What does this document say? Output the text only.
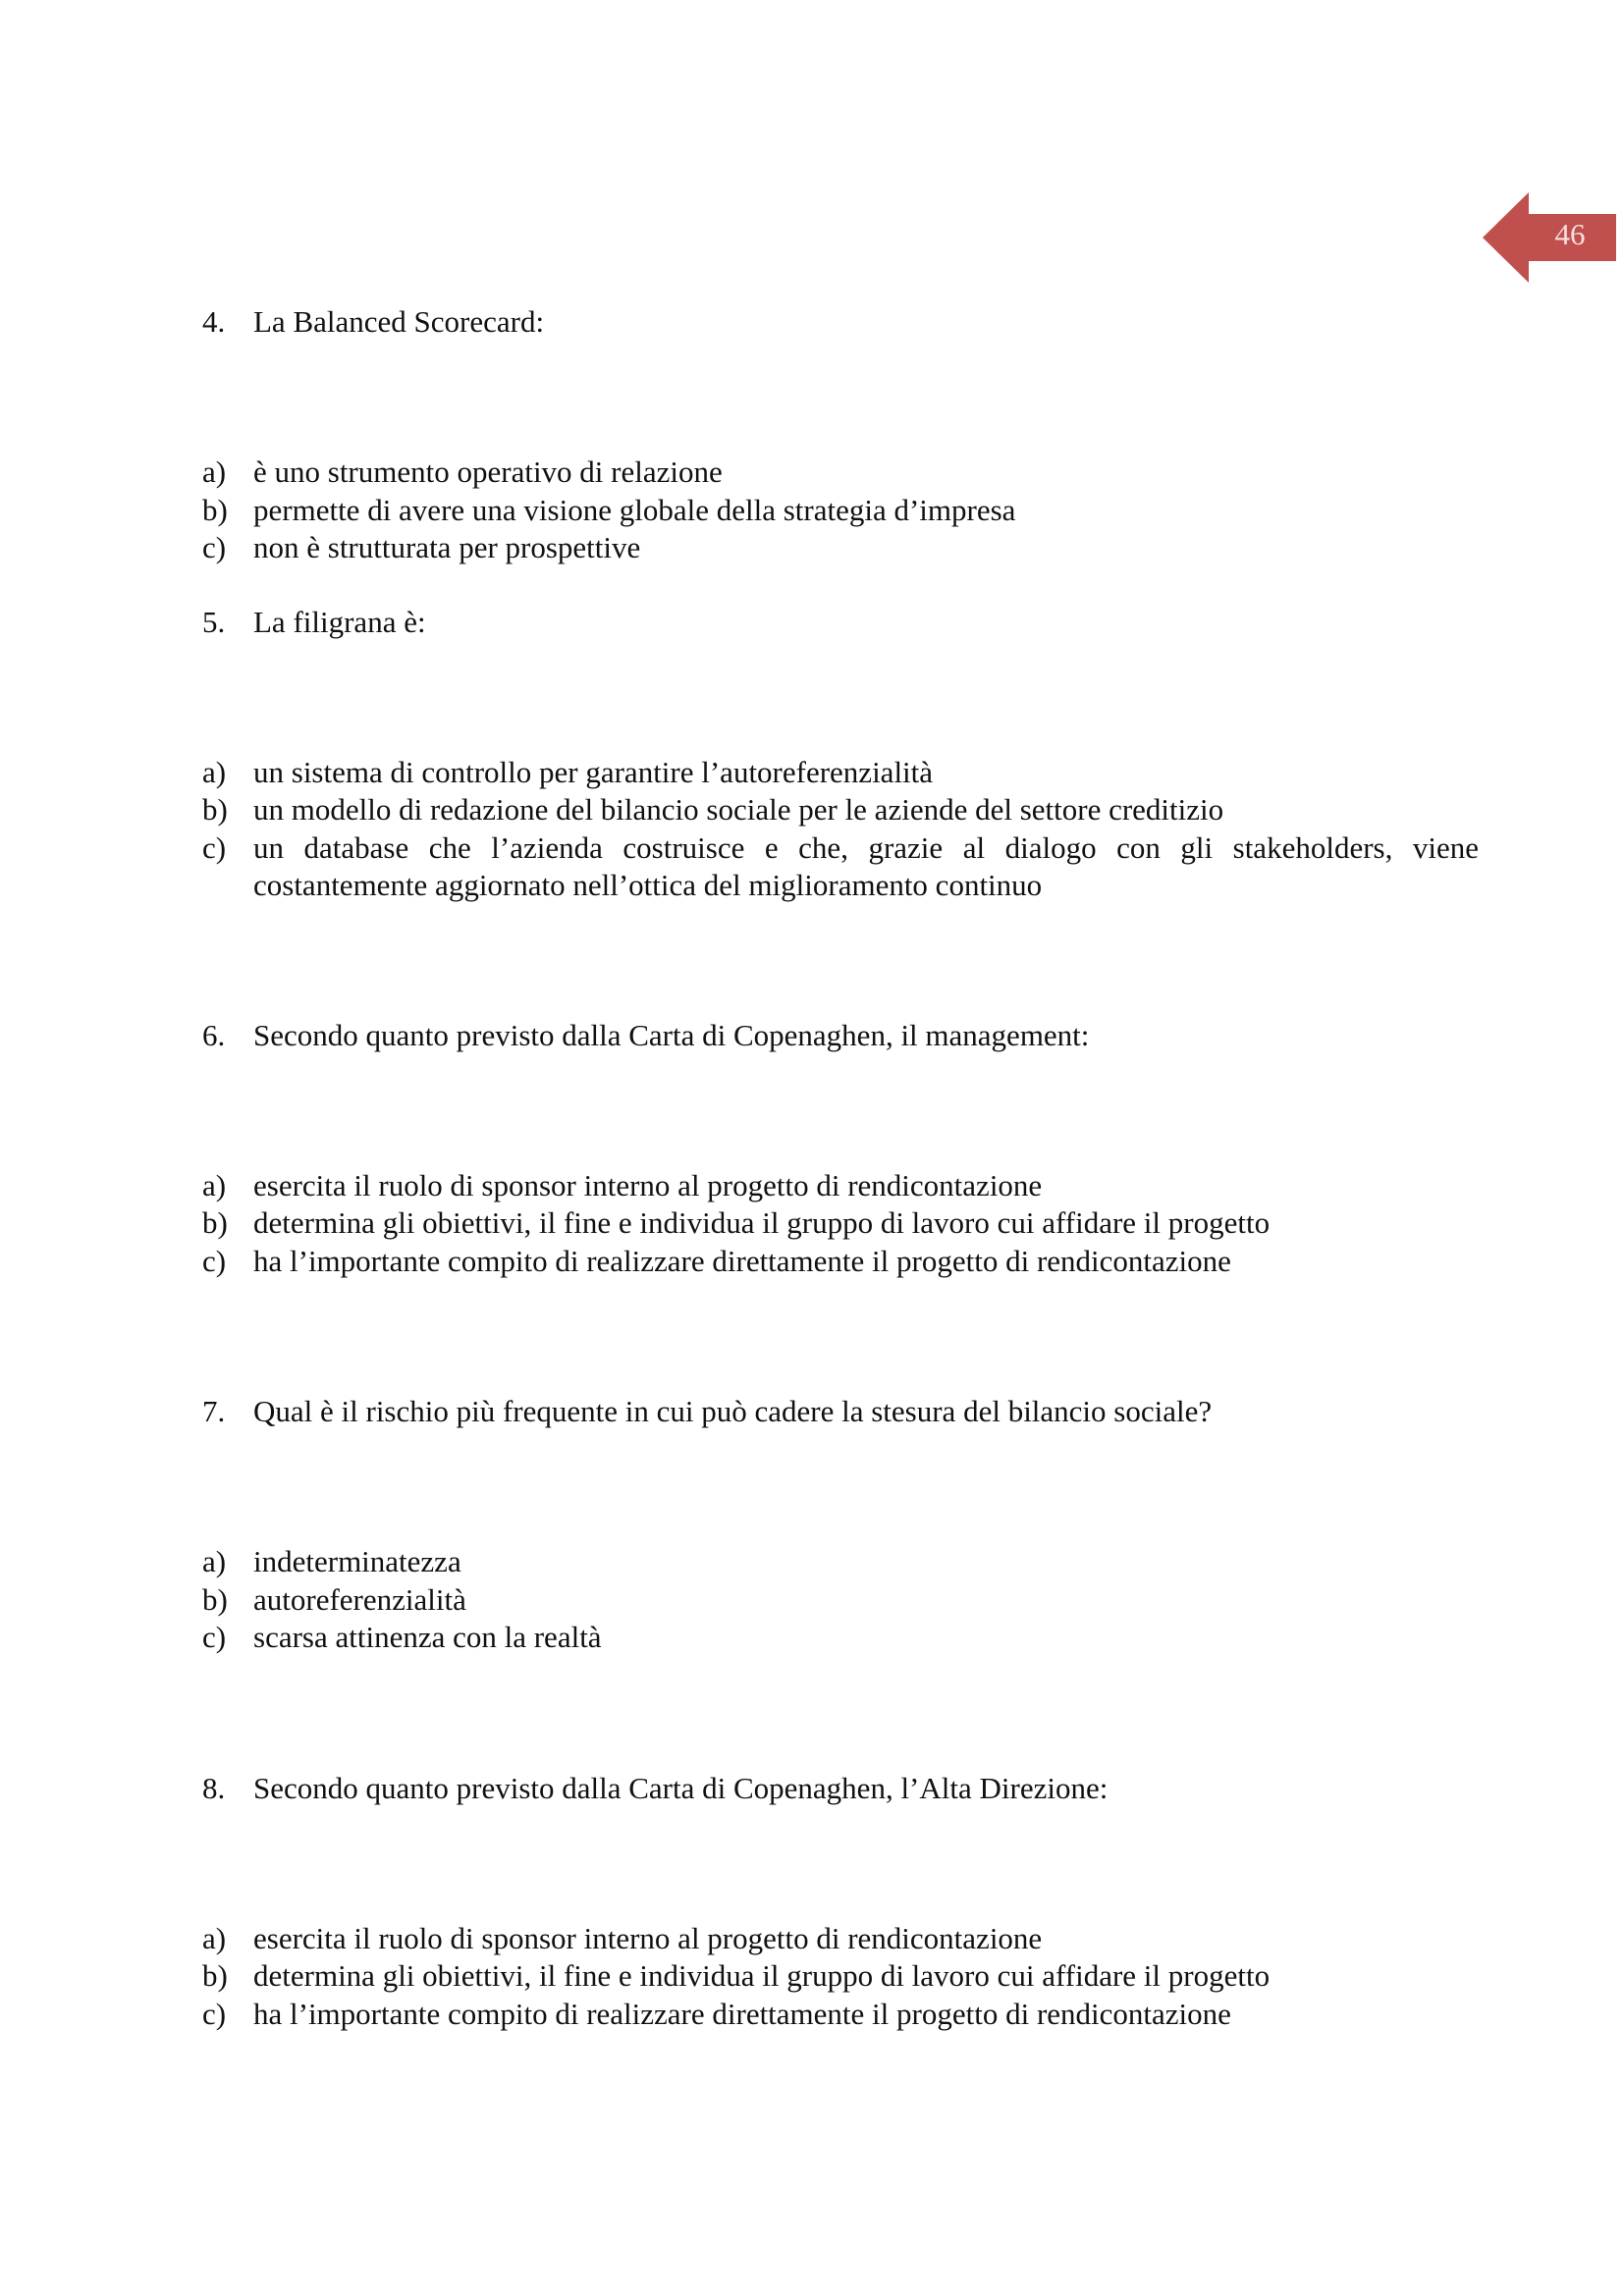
46
4. La Balanced Scorecard:
a) è uno strumento operativo di relazione
b) permette di avere una visione globale della strategia d’impresa
c) non è strutturata per prospettive
5. La filigrana è:
a) un sistema di controllo per garantire l’autoreferenzialità
b) un modello di redazione del bilancio sociale per le aziende del settore creditizio
c) un database che l’azienda costruisce e che, grazie al dialogo con gli stakeholders, viene costantemente aggiornato nell’ottica del miglioramento continuo
6. Secondo quanto previsto dalla Carta di Copenaghen, il management:
a) esercita il ruolo di sponsor interno al progetto di rendicontazione
b) determina gli obiettivi, il fine e individua il gruppo di lavoro cui affidare il progetto
c) ha l’importante compito di realizzare direttamente il progetto di rendicontazione
7. Qual è il rischio più frequente in cui può cadere la stesura del bilancio sociale?
a) indeterminatezza
b) autoreferenzialità
c) scarsa attinenza con la realtà
8. Secondo quanto previsto dalla Carta di Copenaghen, l’Alta Direzione:
a) esercita il ruolo di sponsor interno al progetto di rendicontazione
b) determina gli obiettivi, il fine e individua il gruppo di lavoro cui affidare il progetto
c) ha l’importante compito di realizzare direttamente il progetto di rendicontazione
